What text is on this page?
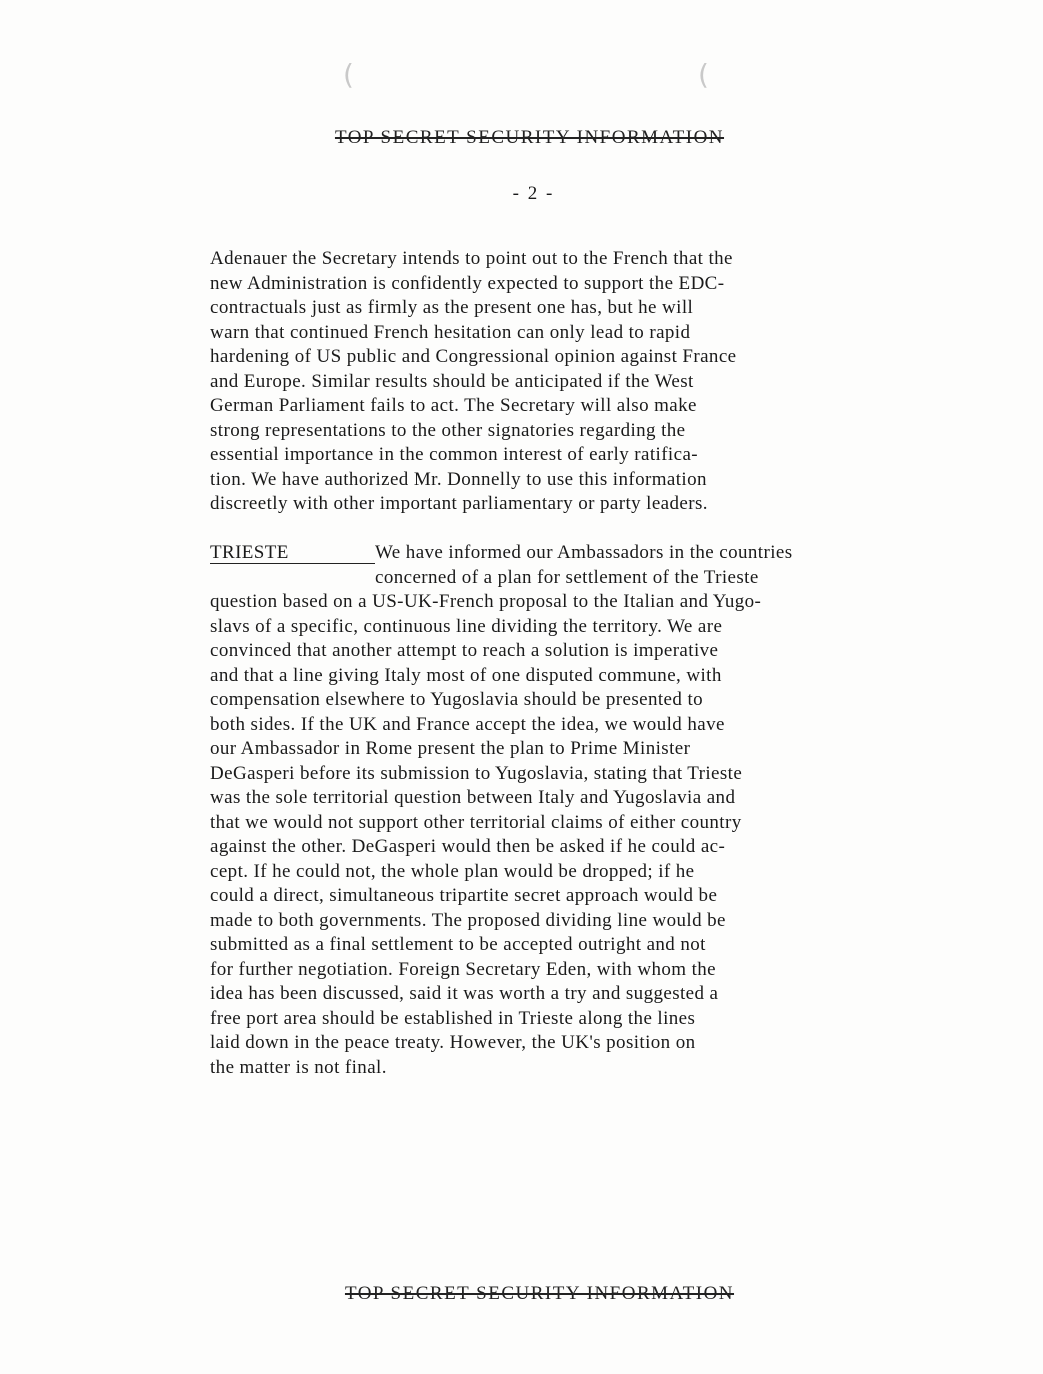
(	(
TOP SECRET SECURITY INFORMATION
- 2 -
Adenauer the Secretary intends to point out to the French that the
new Administration is confidently expected to support the EDC-
contractuals just as firmly as the present one has, but he will
warn that continued French hesitation can only lead to rapid
hardening of US public and Congressional opinion against France
and Europe. Similar results should be anticipated if the West
German Parliament fails to act. The Secretary will also make
strong representations to the other signatories regarding the
essential importance in the common interest of early ratifica-
tion. We have authorized Mr. Donnelly to use this information
discreetly with other important parliamentary or party leaders.
TRIESTE	We have informed our Ambassadors in the countries
concerned of a plan for settlement of the Trieste
question based on a US-UK-French proposal to the Italian and Yugo-
slavs of a specific, continuous line dividing the territory. We are
convinced that another attempt to reach a solution is imperative
and that a line giving Italy most of one disputed commune, with
compensation elsewhere to Yugoslavia should be presented to
both sides. If the UK and France accept the idea, we would have
our Ambassador in Rome present the plan to Prime Minister
DeGasperi before its submission to Yugoslavia, stating that Trieste
was the sole territorial question between Italy and Yugoslavia and
that we would not support other territorial claims of either country
against the other. DeGasperi would then be asked if he could ac-
cept. If he could not, the whole plan would be dropped; if he
could a direct, simultaneous tripartite secret approach would be
made to both governments. The proposed dividing line would be
submitted as a final settlement to be accepted outright and not
for further negotiation. Foreign Secretary Eden, with whom the
idea has been discussed, said it was worth a try and suggested a
free port area should be established in Trieste along the lines
laid down in the peace treaty. However, the UK's position on
the matter is not final.
TOP SECRET SECURITY INFORMATION
